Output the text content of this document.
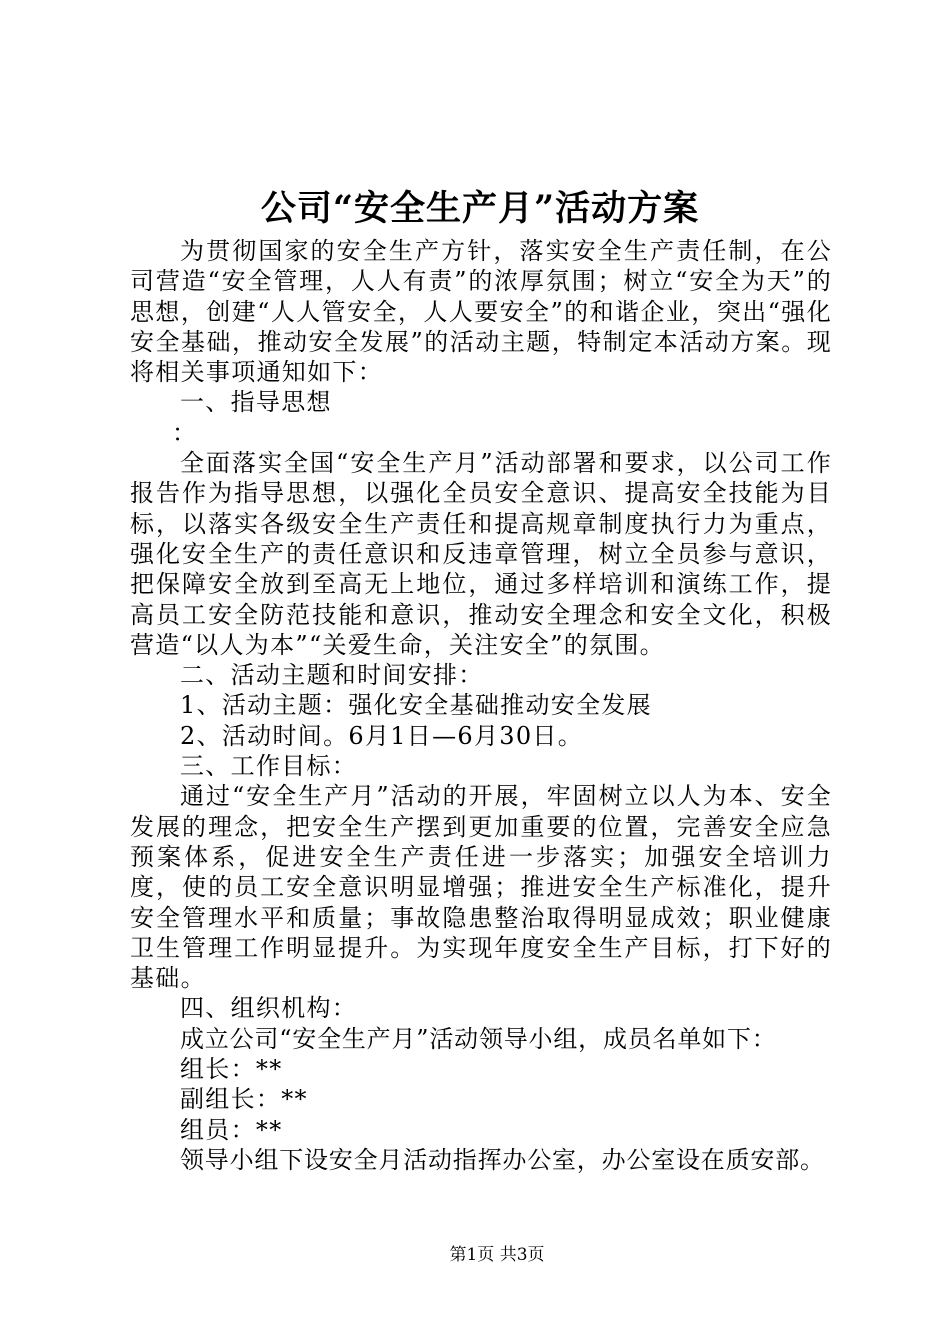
公司“安全生产月”活动方案

为贯彻国家的安全生产方针，落实安全生产责任制，在公司营造“安全管理，人人有责”的浓厚氛围；树立“安全为天”的思想，创建“人人管安全，人人要安全”的和谐企业，突出“强化安全基础，推动安全发展”的活动主题，特制定本活动方案。现将相关事项通知如下：

一、指导思想

：

全面落实全国“安全生产月”活动部署和要求，以公司工作报告作为指导思想，以强化全员安全意识、提高安全技能为目标，以落实各级安全生产责任和提高规章制度执行力为重点，强化安全生产的责任意识和反违章管理，树立全员参与意识，把保障安全放到至高无上地位，通过多样培训和演练工作，提高员工安全防范技能和意识，推动安全理念和安全文化，积极营造“以人为本”“关爱生命，关注安全”的氛围。

二、活动主题和时间安排：

1、活动主题：强化安全基础推动安全发展

2、活动时间。6月1日—6月30日。

三、工作目标：

通过“安全生产月”活动的开展，牢固树立以人为本、安全发展的理念，把安全生产摆到更加重要的位置，完善安全应急预案体系，促进安全生产责任进一步落实；加强安全培训力度，使的员工安全意识明显增强；推进安全生产标准化，提升安全管理水平和质量；事故隐患整治取得明显成效；职业健康卫生管理工作明显提升。为实现年度安全生产目标，打下好的基础。

四、组织机构：

成立公司“安全生产月”活动领导小组，成员名单如下：

组长：**

副组长：**

组员：**

领导小组下设安全月活动指挥办公室，办公室设在质安部。

第1页 共3页
